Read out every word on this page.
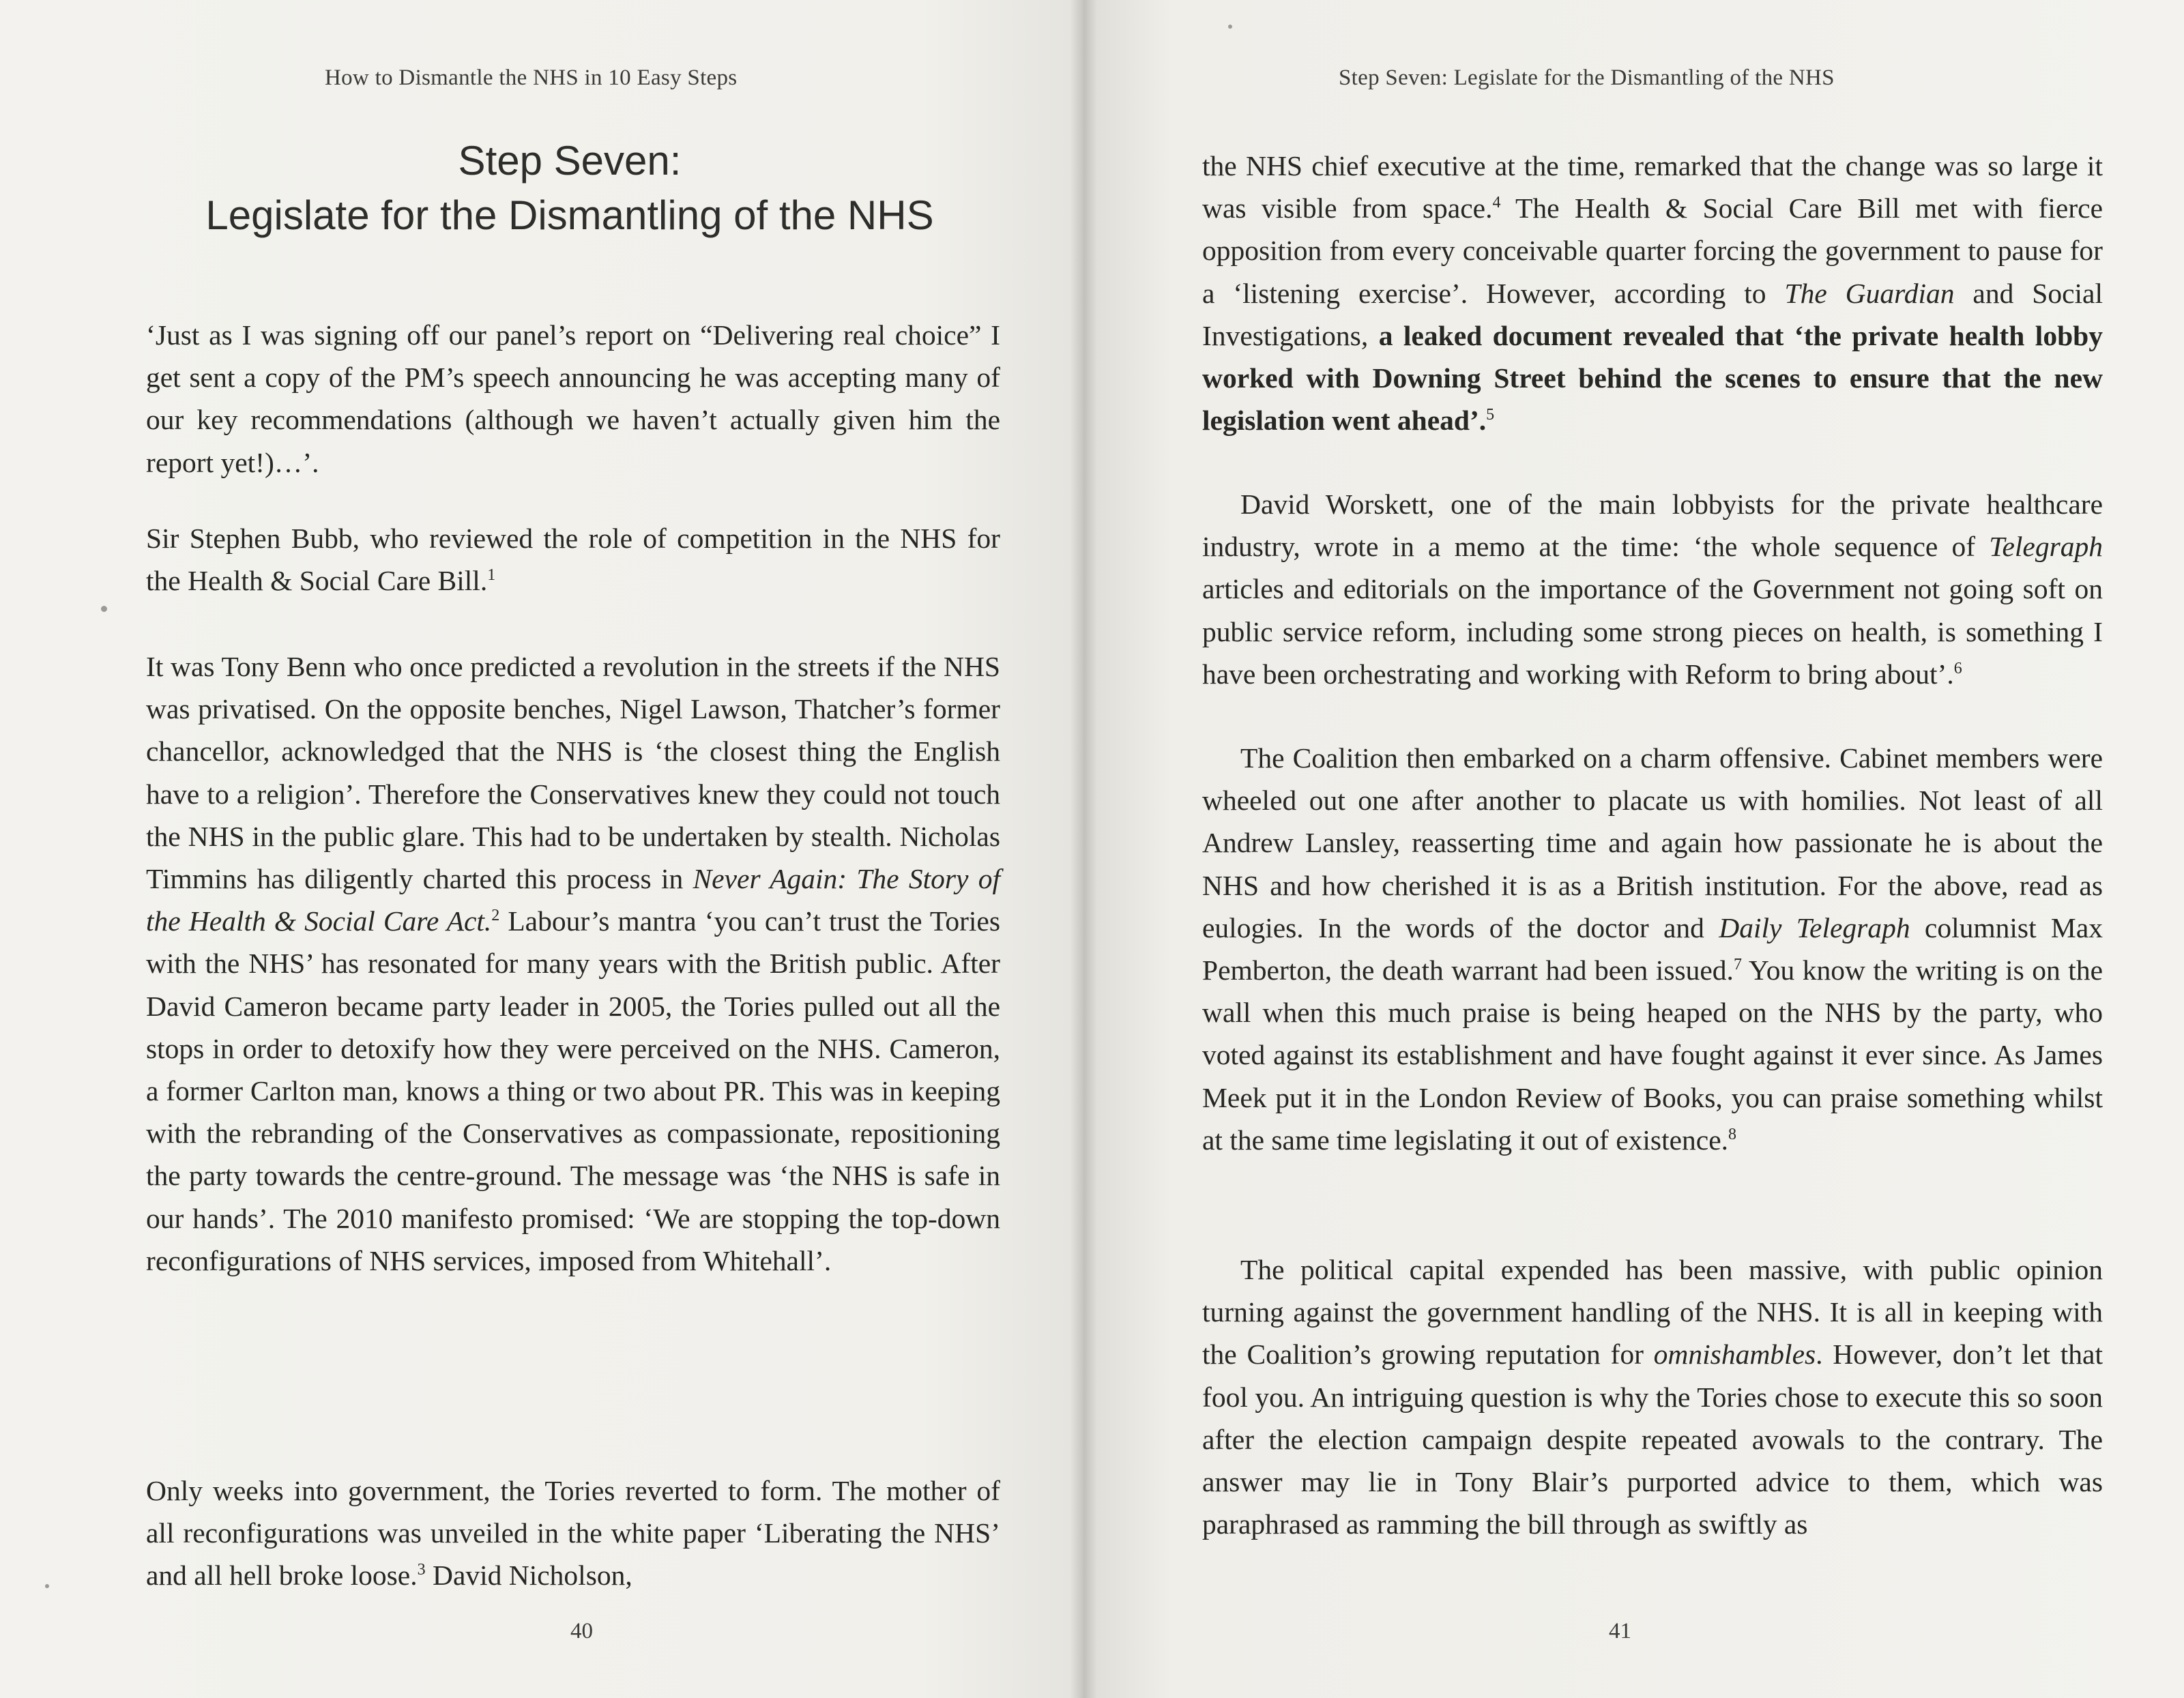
How to Dismantle the NHS in 10 Easy Steps
Step Seven:
Legislate for the Dismantling of the NHS

‘Just as I was signing off our panel’s report on “Delivering real choice” I get sent a copy of the PM’s speech announcing he was accepting many of our key recommendations (although we haven’t actually given him the report yet!)…’.

Sir Stephen Bubb, who reviewed the role of competition in the NHS for the Health & Social Care Bill.$^1$

It was Tony Benn who once predicted a revolution in the streets if the NHS was privatised. On the opposite benches, Nigel Lawson, Thatcher’s former chancellor, acknowledged that the NHS is ‘the closest thing the English have to a religion’. Therefore the Conservatives knew they could not touch the NHS in the public glare. This had to be undertaken by stealth. Nicholas Timmins has diligently charted this process in Never Again: The Story of the Health & Social Care Act.$^2$ Labour’s mantra ‘you can’t trust the Tories with the NHS’ has resonated for many years with the British public. After David Cameron became party leader in 2005, the Tories pulled out all the stops in order to detoxify how they were perceived on the NHS. Cameron, a former Carlton man, knows a thing or two about PR. This was in keeping with the rebranding of the Conservatives as compassionate, repositioning the party towards the centre-ground. The message was ‘the NHS is safe in our hands’. The 2010 manifesto promised: ‘We are stopping the top-down reconfigurations of NHS services, imposed from Whitehall’.

Only weeks into government, the Tories reverted to form. The mother of all reconfigurations was unveiled in the white paper ‘Liberating the NHS’ and all hell broke loose.$^3$ David Nicholson,

40
Step Seven: Legislate for the Dismantling of the NHS

the NHS chief executive at the time, remarked that the change was so large it was visible from space.$^4$ The Health & Social Care Bill met with fierce opposition from every conceivable quarter forcing the government to pause for a ‘listening exercise’. However, according to The Guardian and Social Investigations, a leaked document revealed that ‘the private health lobby worked with Downing Street behind the scenes to ensure that the new legislation went ahead’.$^5$

David Worskett, one of the main lobbyists for the private healthcare industry, wrote in a memo at the time: ‘the whole sequence of Telegraph articles and editorials on the importance of the Government not going soft on public service reform, including some strong pieces on health, is something I have been orchestrating and working with Reform to bring about’.$^6$

The Coalition then embarked on a charm offensive. Cabinet members were wheeled out one after another to placate us with homilies. Not least of all Andrew Lansley, reasserting time and again how passionate he is about the NHS and how cherished it is as a British institution. For the above, read as eulogies. In the words of the doctor and Daily Telegraph columnist Max Pemberton, the death warrant had been issued.$^7$ You know the writing is on the wall when this much praise is being heaped on the NHS by the party, who voted against its establishment and have fought against it ever since. As James Meek put it in the London Review of Books, you can praise something whilst at the same time legislating it out of existence.$^8$

The political capital expended has been massive, with public opinion turning against the government handling of the NHS. It is all in keeping with the Coalition’s growing reputation for omnishambles. However, don’t let that fool you. An intriguing question is why the Tories chose to execute this so soon after the election campaign despite repeated avowals to the contrary. The answer may lie in Tony Blair’s purported advice to them, which was paraphrased as ramming the bill through as swiftly as

41
